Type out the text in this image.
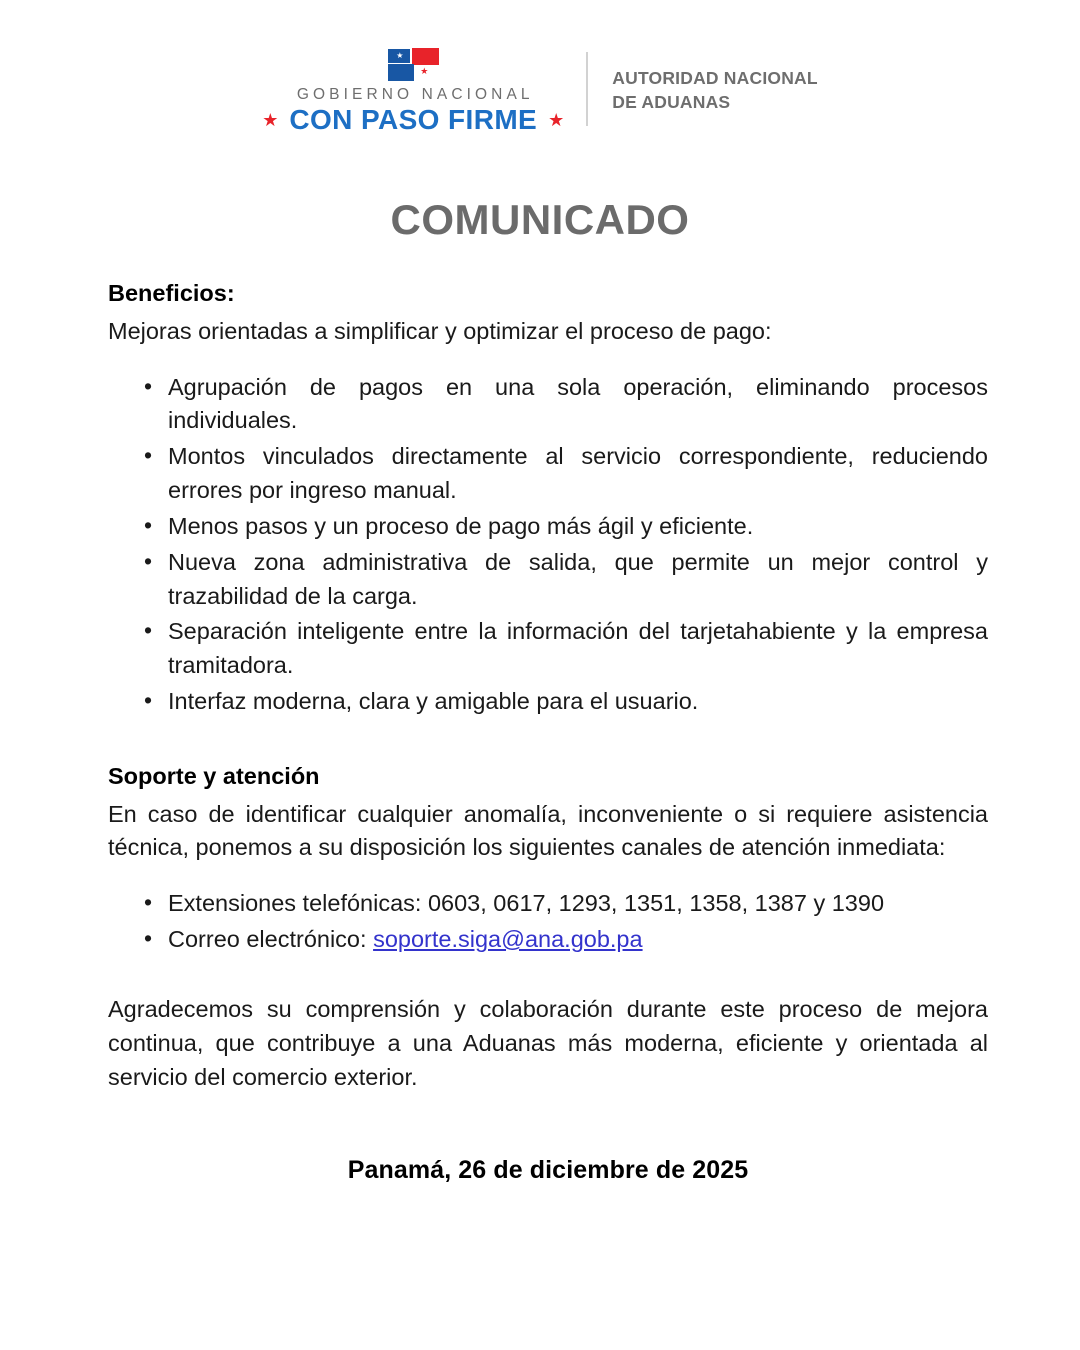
★
★
GOBIERNO NACIONAL
★ CON PASO FIRME ★
AUTORIDAD NACIONAL
DE ADUANAS
COMUNICADO
Beneficios:

Mejoras orientadas a simplificar y optimizar el proceso de pago:

• Agrupación de pagos en una sola operación, eliminando procesos individuales.
• Montos vinculados directamente al servicio correspondiente, reduciendo errores por ingreso manual.
• Menos pasos y un proceso de pago más ágil y eficiente.
• Nueva zona administrativa de salida, que permite un mejor control y trazabilidad de la carga.
• Separación inteligente entre la información del tarjetahabiente y la empresa tramitadora.
• Interfaz moderna, clara y amigable para el usuario.
Soporte y atención

En caso de identificar cualquier anomalía, inconveniente o si requiere asistencia técnica, ponemos a su disposición los siguientes canales de atención inmediata:

• Extensiones telefónicas: 0603, 0617, 1293, 1351, 1358, 1387 y 1390
• Correo electrónico: soporte.siga@ana.gob.pa

Agradecemos su comprensión y colaboración durante este proceso de mejora continua, que contribuye a una Aduanas más moderna, eficiente y orientada al servicio del comercio exterior.

Panamá, 26 de diciembre de 2025
